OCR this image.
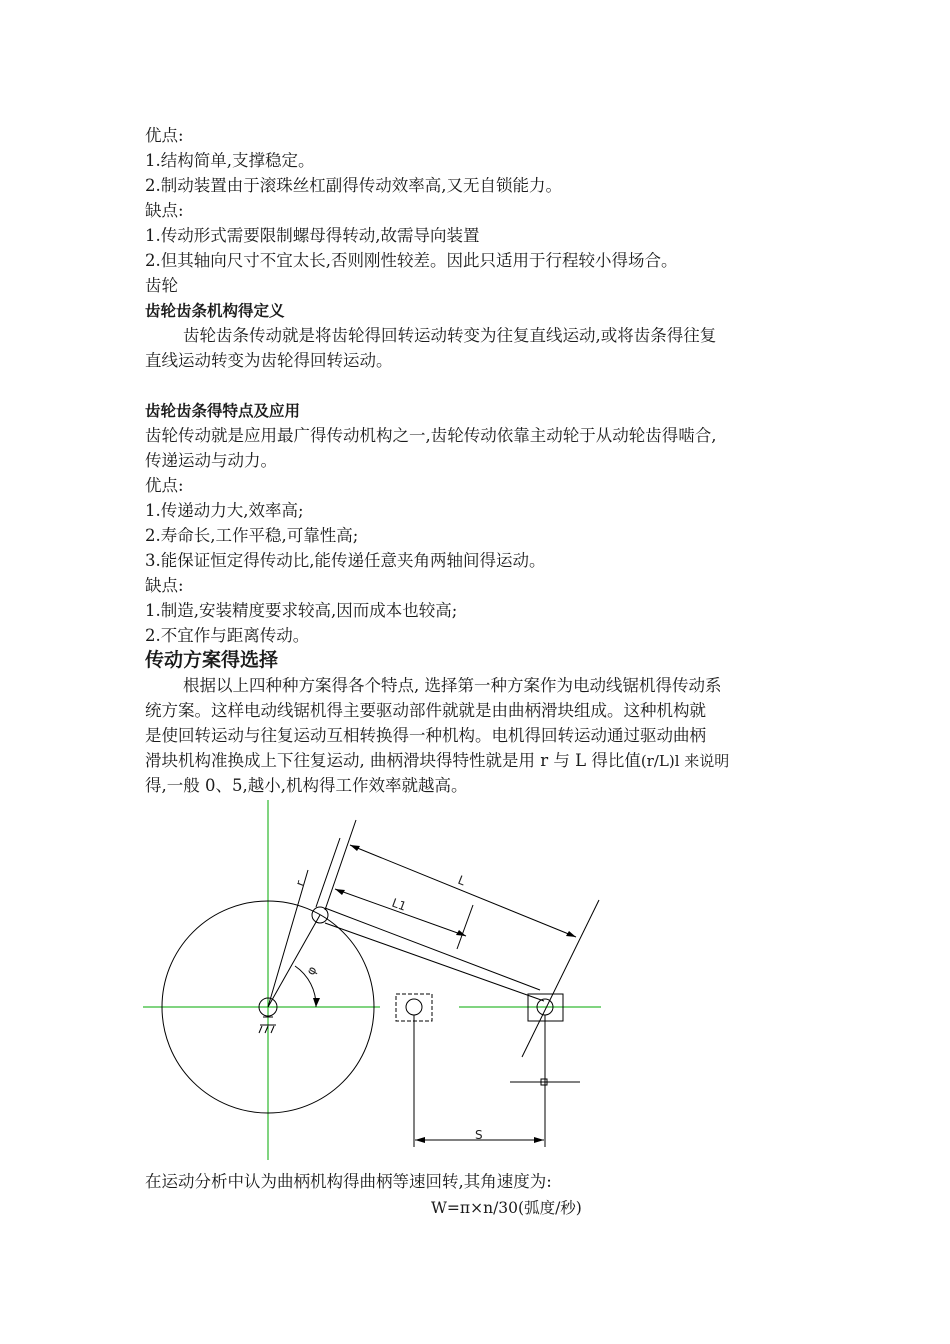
优点:
1.结构简单,支撑稳定。
2.制动装置由于滚珠丝杠副得传动效率高,又无自锁能力。
缺点:
1.传动形式需要限制螺母得转动,故需导向装置
2.但其轴向尺寸不宜太长,否则刚性较差。因此只适用于行程较小得场合。
齿轮
齿轮齿条机构得定义
齿轮齿条传动就是将齿轮得回转运动转变为往复直线运动,或将齿条得往复
直线运动转变为齿轮得回转运动。
齿轮齿条得特点及应用
齿轮传动就是应用最广得传动机构之一,齿轮传动依靠主动轮于从动轮齿得啮合,
传递运动与动力。
优点:
1.传递动力大,效率高;
2.寿命长,工作平稳,可靠性高;
3.能保证恒定得传动比,能传递任意夹角两轴间得运动。
缺点:
1.制造,安装精度要求较高,因而成本也较高;
2.不宜作与距离传动。
传动方案得选择
根据以上四种种方案得各个特点, 选择第一种方案作为电动线锯机得传动系
统方案。这样电动线锯机得主要驱动部件就就是由曲柄滑块组成。这种机构就
是使回转运动与往复运动互相转换得一种机构。电机得回转运动通过驱动曲柄
滑块机构准换成上下往复运动, 曲柄滑块得特性就是用 r 与 L 得比值(r/L)l 来说明
得,一般 0、5,越小,机构得工作效率就越高。
r	L
L1
φ
S
在运动分析中认为曲柄机构得曲柄等速回转,其角速度为:
W=π×n/30(弧度/秒)
